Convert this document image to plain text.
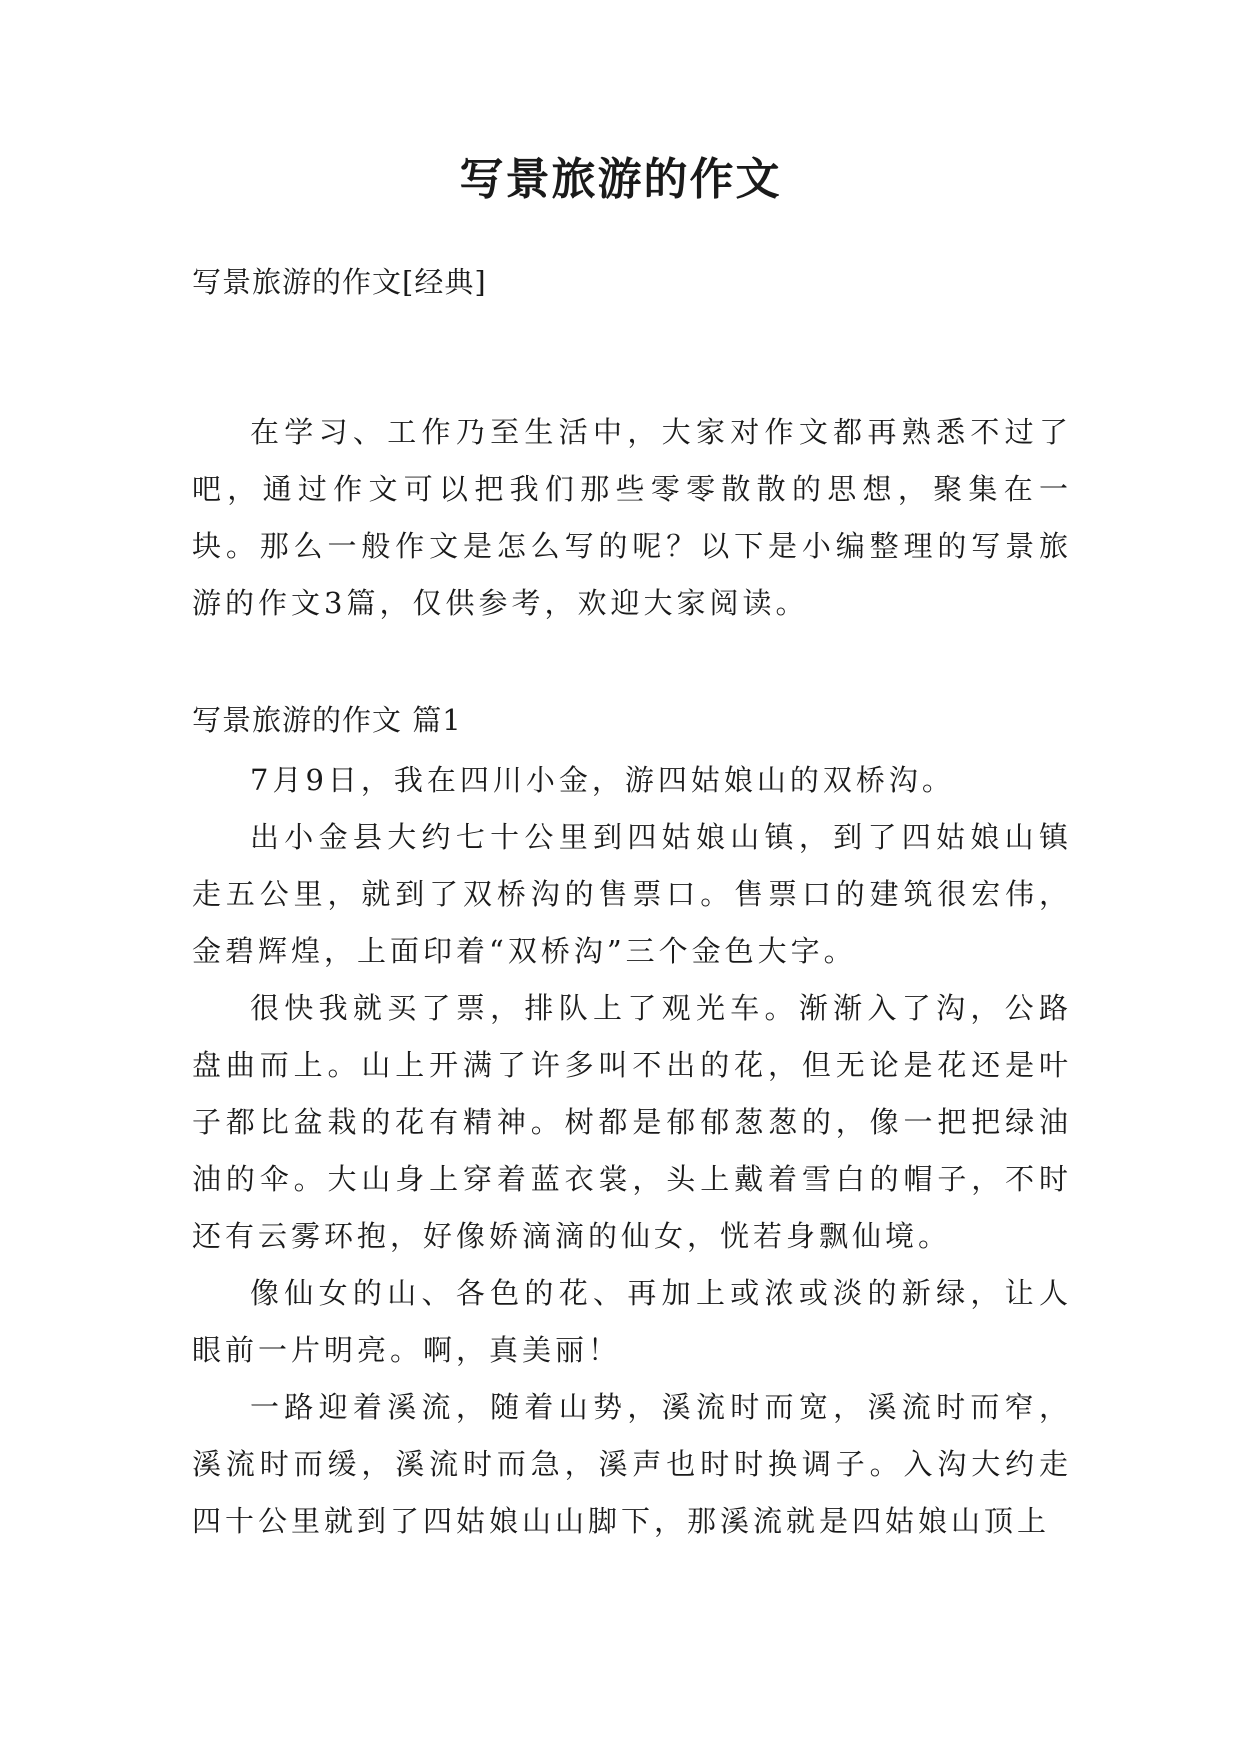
写景旅游的作文
写景旅游的作文[经典]
在学习、工作乃至生活中，大家对作文都再熟悉不过了吧，通过作文可以把我们那些零零散散的思想，聚集在一块。那么一般作文是怎么写的呢？以下是小编整理的写景旅游的作文3篇，仅供参考，欢迎大家阅读。
写景旅游的作文 篇1
7月9日，我在四川小金，游四姑娘山的双桥沟。
出小金县大约七十公里到四姑娘山镇，到了四姑娘山镇走五公里，就到了双桥沟的售票口。售票口的建筑很宏伟，金碧辉煌，上面印着“双桥沟”三个金色大字。
很快我就买了票，排队上了观光车。渐渐入了沟，公路盘曲而上。山上开满了许多叫不出的花，但无论是花还是叶子都比盆栽的花有精神。树都是郁郁葱葱的，像一把把绿油油的伞。大山身上穿着蓝衣裳，头上戴着雪白的帽子，不时还有云雾环抱，好像娇滴滴的仙女，恍若身飘仙境。
像仙女的山、各色的花、再加上或浓或淡的新绿，让人眼前一片明亮。啊，真美丽！
一路迎着溪流，随着山势，溪流时而宽，溪流时而窄，溪流时而缓，溪流时而急，溪声也时时换调子。入沟大约走四十公里就到了四姑娘山山脚下，那溪流就是四姑娘山顶上
